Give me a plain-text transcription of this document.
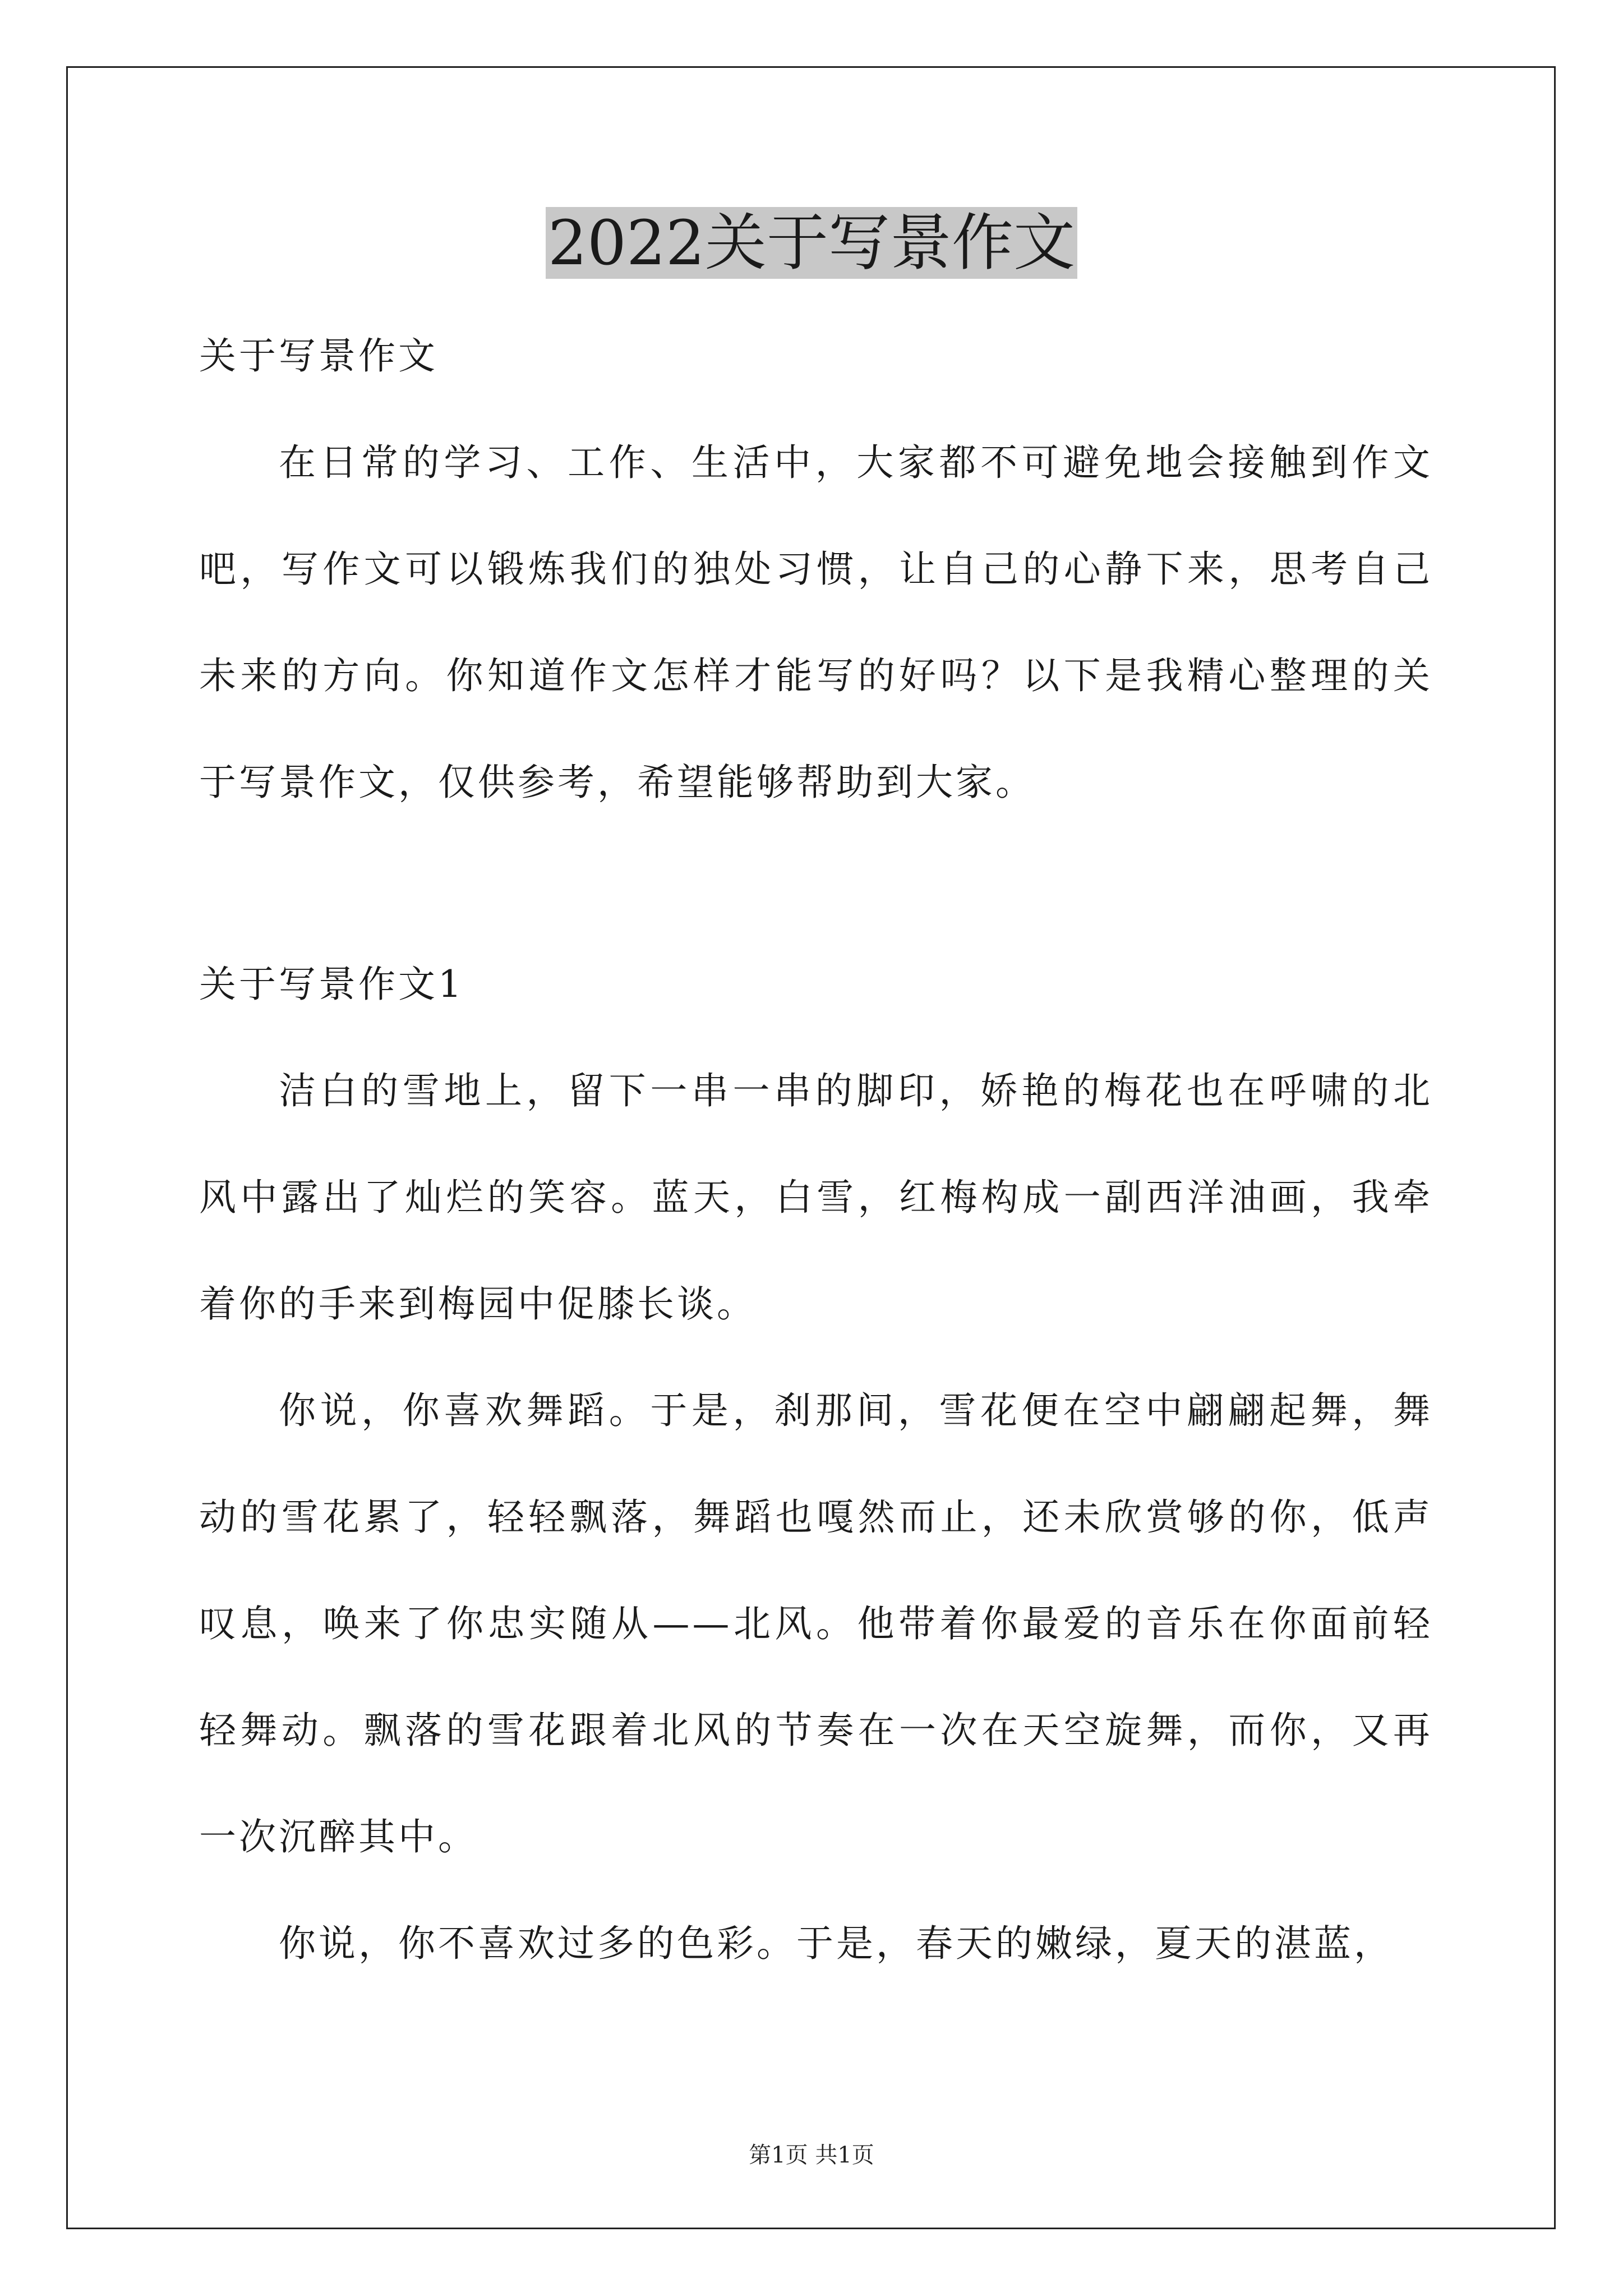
2022关于写景作文

关于写景作文

在日常的学习、工作、生活中，大家都不可避免地会接触到作文吧，写作文可以锻炼我们的独处习惯，让自己的心静下来，思考自己未来的方向。你知道作文怎样才能写的好吗？以下是我精心整理的关于写景作文，仅供参考，希望能够帮助到大家。

关于写景作文1

洁白的雪地上，留下一串一串的脚印，娇艳的梅花也在呼啸的北风中露出了灿烂的笑容。蓝天，白雪，红梅构成一副西洋油画，我牵着你的手来到梅园中促膝长谈。

你说，你喜欢舞蹈。于是，刹那间，雪花便在空中翩翩起舞，舞动的雪花累了，轻轻飘落，舞蹈也嘎然而止，还未欣赏够的你，低声叹息，唤来了你忠实随从——北风。他带着你最爱的音乐在你面前轻轻舞动。飘落的雪花跟着北风的节奏在一次在天空旋舞，而你，又再一次沉醉其中。

你说，你不喜欢过多的色彩。于是，春天的嫩绿，夏天的湛蓝，

第1页 共1页
